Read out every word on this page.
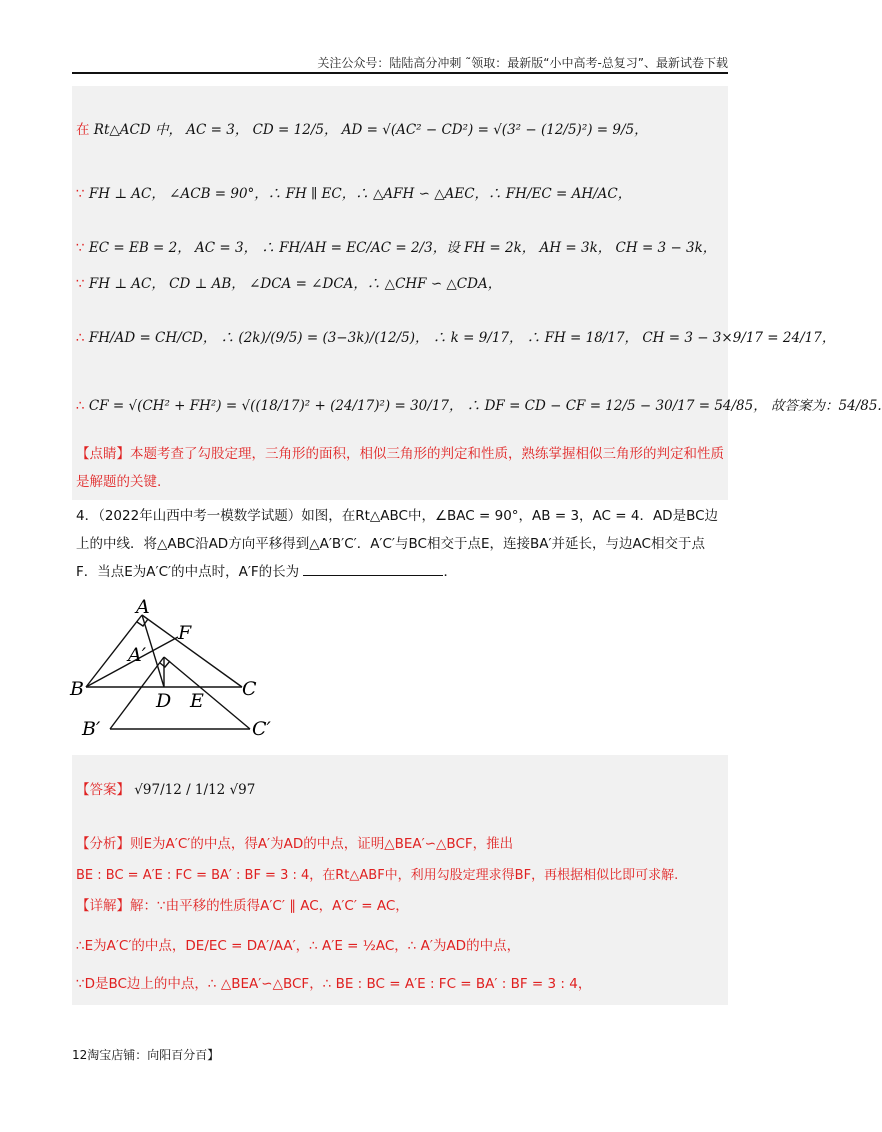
关注公众号：陆陆高分冲刺 ˜领取：最新版“小中高考-总复习”、最新试卷下载
在 Rt△ACD 中， AC = 3， CD = 12/5， AD = √(AC² − CD²) = √(3² − (12/5)²) = 9/5，
∵ FH ⊥ AC， ∠ACB = 90°，∴ FH ∥ EC，∴ △AFH ∽ △AEC，∴ FH/EC = AH/AC，
∵ EC = EB = 2， AC = 3， ∴ FH/AH = EC/AC = 2/3，设 FH = 2k， AH = 3k， CH = 3 − 3k，
∵ FH ⊥ AC， CD ⊥ AB， ∠DCA = ∠DCA，∴ △CHF ∽ △CDA，
∴ FH/AD = CH/CD， ∴ (2k)/(9/5) = (3−3k)/(12/5)， ∴ k = 9/17， ∴ FH = 18/17， CH = 3 − 3×9/17 = 24/17，
∴ CF = √(CH² + FH²) = √((18/17)² + (24/17)²) = 30/17， ∴ DF = CD − CF = 12/5 − 30/17 = 54/85， 故答案为：54/85.
【点睛】本题考查了勾股定理，三角形的面积，相似三角形的判定和性质，熟练掌握相似三角形的判定和性质是解题的关键.
4．（2022年山西中考一模数学试题）如图，在Rt△ABC中，∠BAC = 90°，AB = 3，AC = 4．AD是BC边上的中线．将△ABC沿AD方向平移得到△A′B′C′．A′C′与BC相交于点E，连接BA′并延长，与边AC相交于点F．当点E为A′C′的中点时，A′F的长为	．
A
F
A′
B
D E
C
B′	C′
【答案】 √97/12 / 1/12 √97
【分析】则E为A′C′的中点，得A′为AD的中点，证明△BEA′∽△BCF，推出
BE : BC = A′E : FC = BA′ : BF = 3 : 4，在Rt△ABF中，利用勾股定理求得BF，再根据相似比即可求解.
【详解】解：∵由平移的性质得A′C′ ∥ AC，A′C′ = AC，
∴E为A′C′的中点，DE/EC = DA′/AA′，∴ A′E = ½AC，∴ A′为AD的中点，
∵D是BC边上的中点，∴ △BEA′∽△BCF，∴ BE : BC = A′E : FC = BA′ : BF = 3 : 4，
12淘宝店铺：向阳百分百】
